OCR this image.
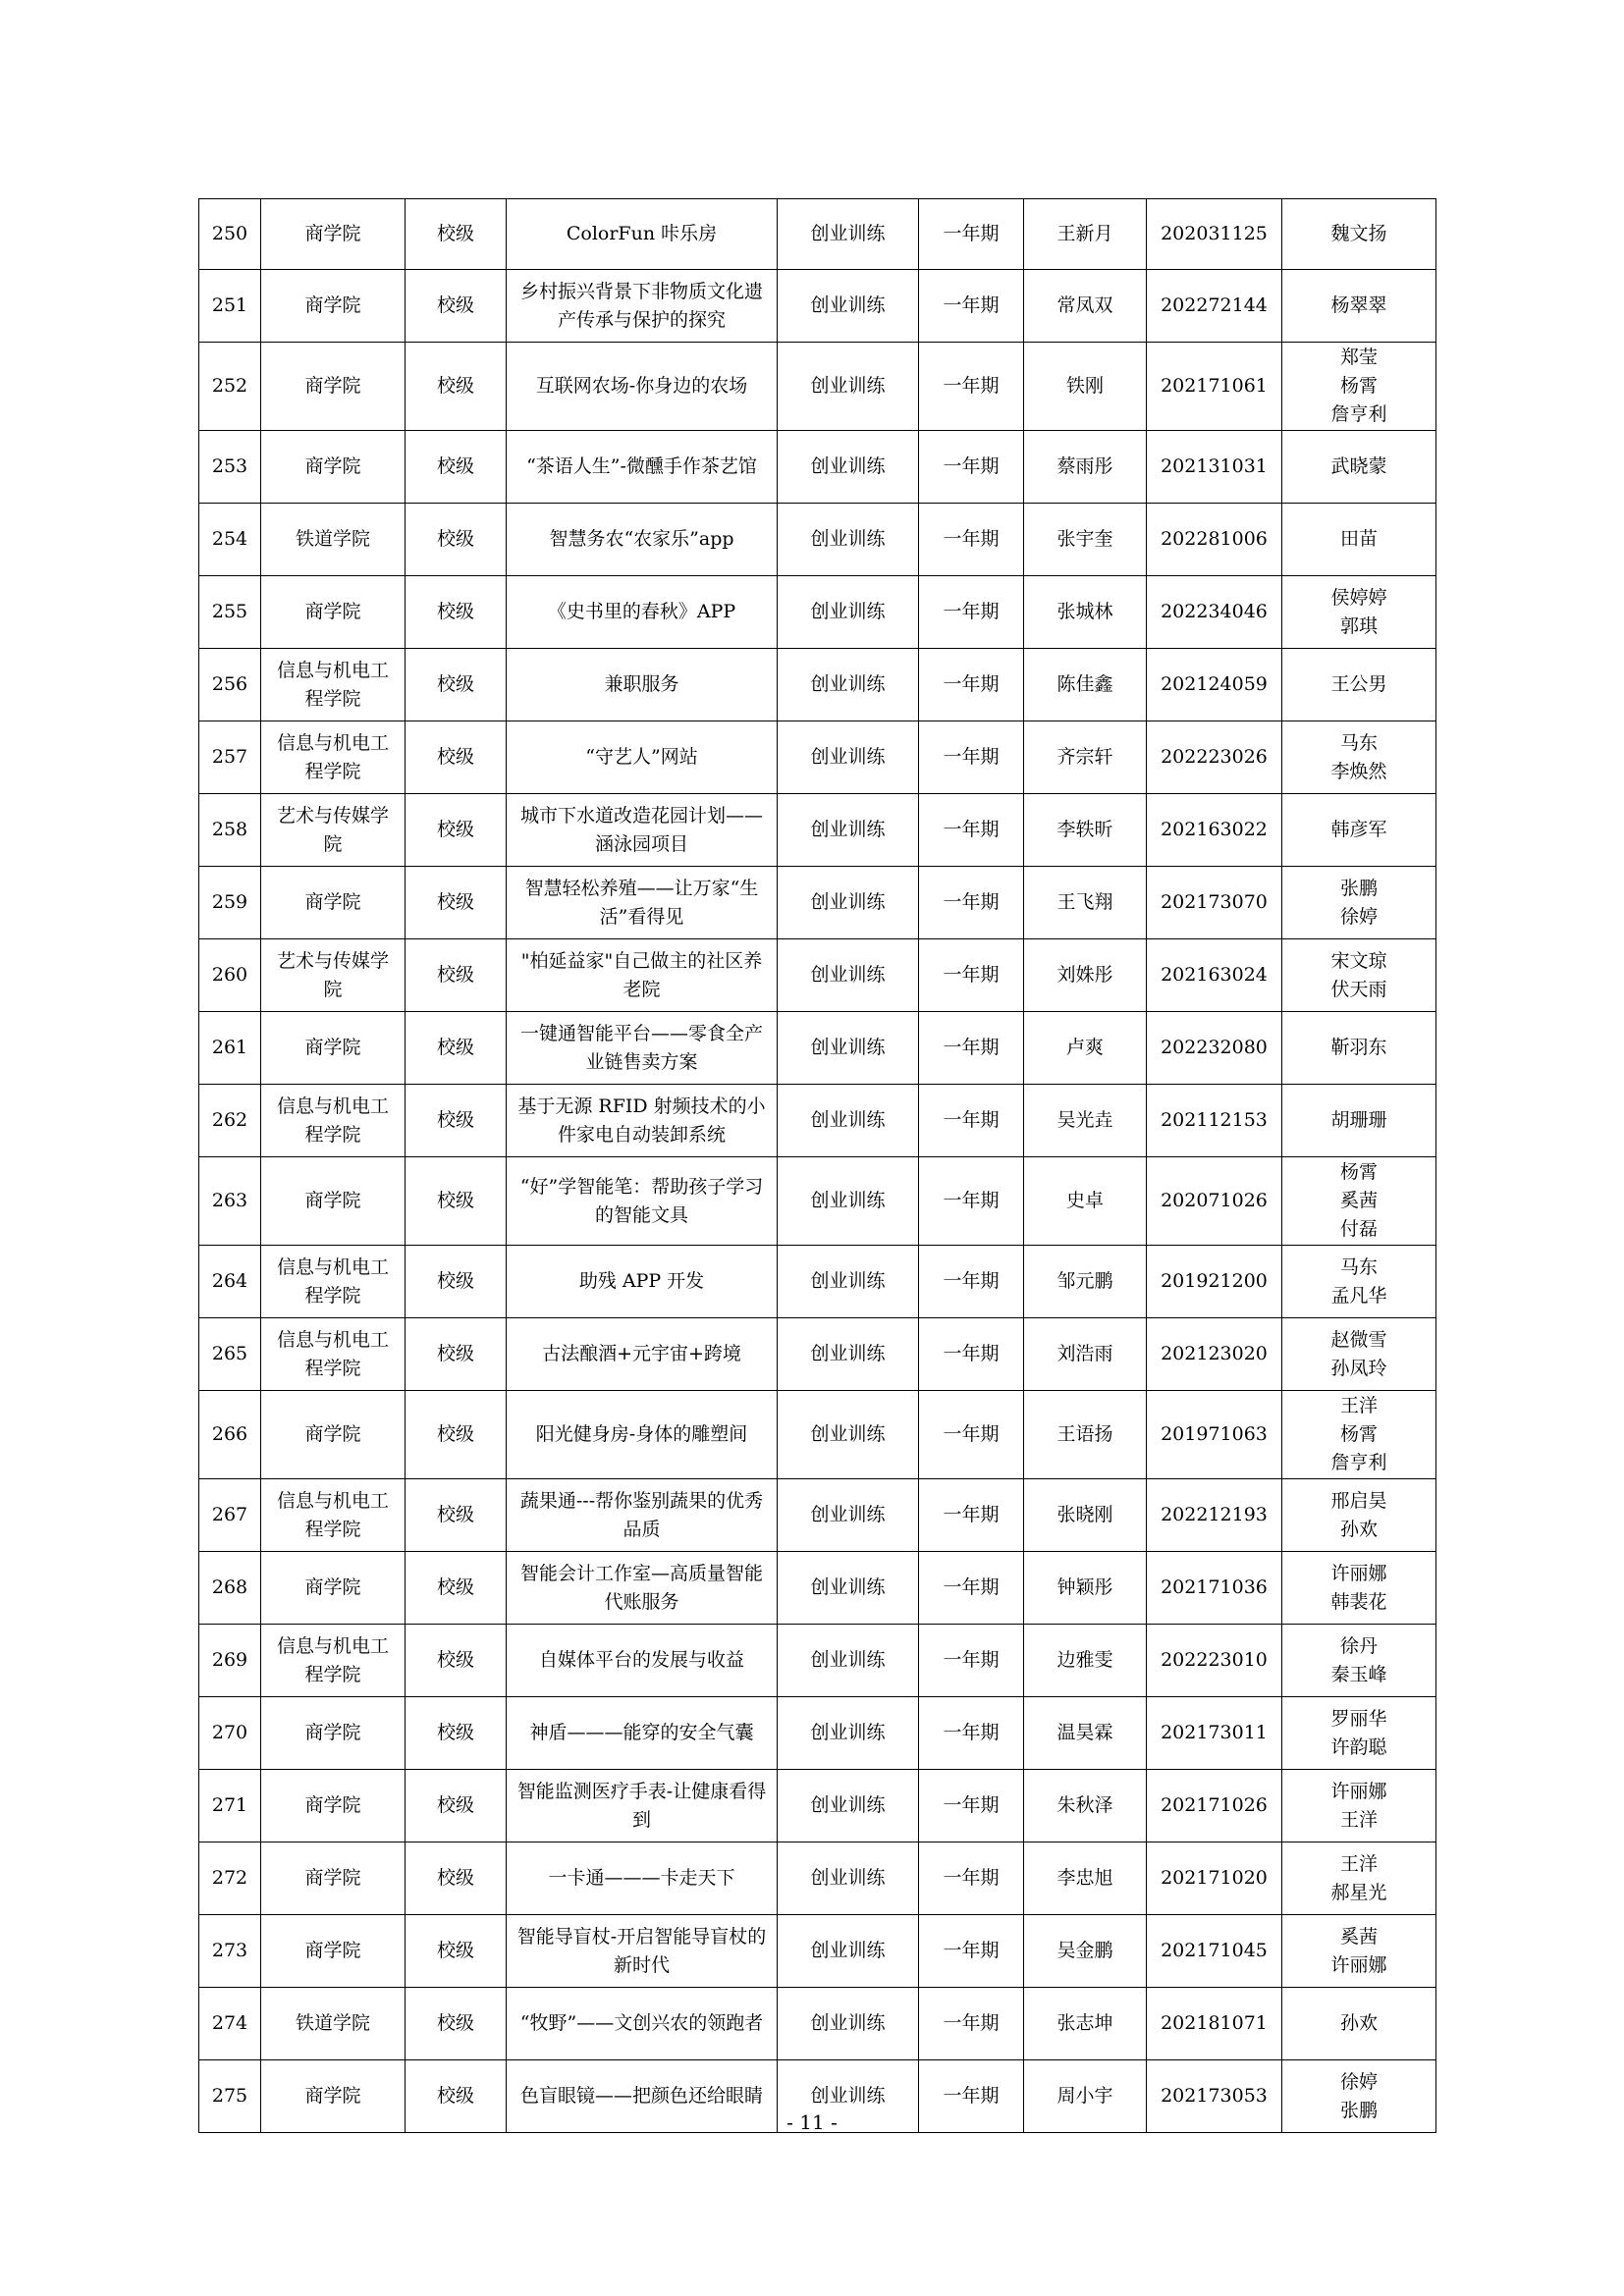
250	商学院	校级	ColorFun 咔乐房	创业训练	一年期	王新月	202031125	魏文扬
251	商学院	校级	乡村振兴背景下非物质文化遗产传承与保护的探究	创业训练	一年期	常凤双	202272144	杨翠翠
252	商学院	校级	互联网农场-你身边的农场	创业训练	一年期	铁刚	202171061	郑莹
杨霄
詹亨利
253	商学院	校级	“茶语人生”-微醺手作茶艺馆	创业训练	一年期	蔡雨彤	202131031	武晓蒙
254	铁道学院	校级	智慧务农“农家乐”app	创业训练	一年期	张宇奎	202281006	田苗
255	商学院	校级	《史书里的春秋》APP	创业训练	一年期	张城林	202234046	侯婷婷
郭琪
256	信息与机电工程学院	校级	兼职服务	创业训练	一年期	陈佳鑫	202124059	王公男
257	信息与机电工程学院	校级	“守艺人”网站	创业训练	一年期	齐宗轩	202223026	马东
李焕然
258	艺术与传媒学院	校级	城市下水道改造花园计划——涵泳园项目	创业训练	一年期	李轶昕	202163022	韩彦军
259	商学院	校级	智慧轻松养殖——让万家“生活”看得见	创业训练	一年期	王飞翔	202173070	张鹏
徐婷
260	艺术与传媒学院	校级	"柏延益家"自己做主的社区养老院	创业训练	一年期	刘姝彤	202163024	宋文琼
伏天雨
261	商学院	校级	一键通智能平台——零食全产业链售卖方案	创业训练	一年期	卢爽	202232080	靳羽东
262	信息与机电工程学院	校级	基于无源 RFID 射频技术的小件家电自动装卸系统	创业训练	一年期	吴光垚	202112153	胡珊珊
263	商学院	校级	“好”学智能笔：帮助孩子学习的智能文具	创业训练	一年期	史卓	202071026	杨霄
奚茜
付磊
264	信息与机电工程学院	校级	助残 APP 开发	创业训练	一年期	邹元鹏	201921200	马东
孟凡华
265	信息与机电工程学院	校级	古法酿酒+元宇宙+跨境	创业训练	一年期	刘浩雨	202123020	赵微雪
孙凤玲
266	商学院	校级	阳光健身房-身体的雕塑间	创业训练	一年期	王语扬	201971063	王洋
杨霄
詹亨利
267	信息与机电工程学院	校级	蔬果通---帮你鉴别蔬果的优秀品质	创业训练	一年期	张晓刚	202212193	邢启昊
孙欢
268	商学院	校级	智能会计工作室—高质量智能代账服务	创业训练	一年期	钟颖彤	202171036	许丽娜
韩裴花
269	信息与机电工程学院	校级	自媒体平台的发展与收益	创业训练	一年期	边雅雯	202223010	徐丹
秦玉峰
270	商学院	校级	神盾———能穿的安全气囊	创业训练	一年期	温昊霖	202173011	罗丽华
许韵聪
271	商学院	校级	智能监测医疗手表-让健康看得到	创业训练	一年期	朱秋泽	202171026	许丽娜
王洋
272	商学院	校级	一卡通———卡走天下	创业训练	一年期	李忠旭	202171020	王洋
郝星光
273	商学院	校级	智能导盲杖-开启智能导盲杖的新时代	创业训练	一年期	吴金鹏	202171045	奚茜
许丽娜
274	铁道学院	校级	“牧野”——文创兴农的领跑者	创业训练	一年期	张志坤	202181071	孙欢
275	商学院	校级	色盲眼镜——把颜色还给眼睛	创业训练	一年期	周小宇	202173053	徐婷
张鹏
- 11 -
